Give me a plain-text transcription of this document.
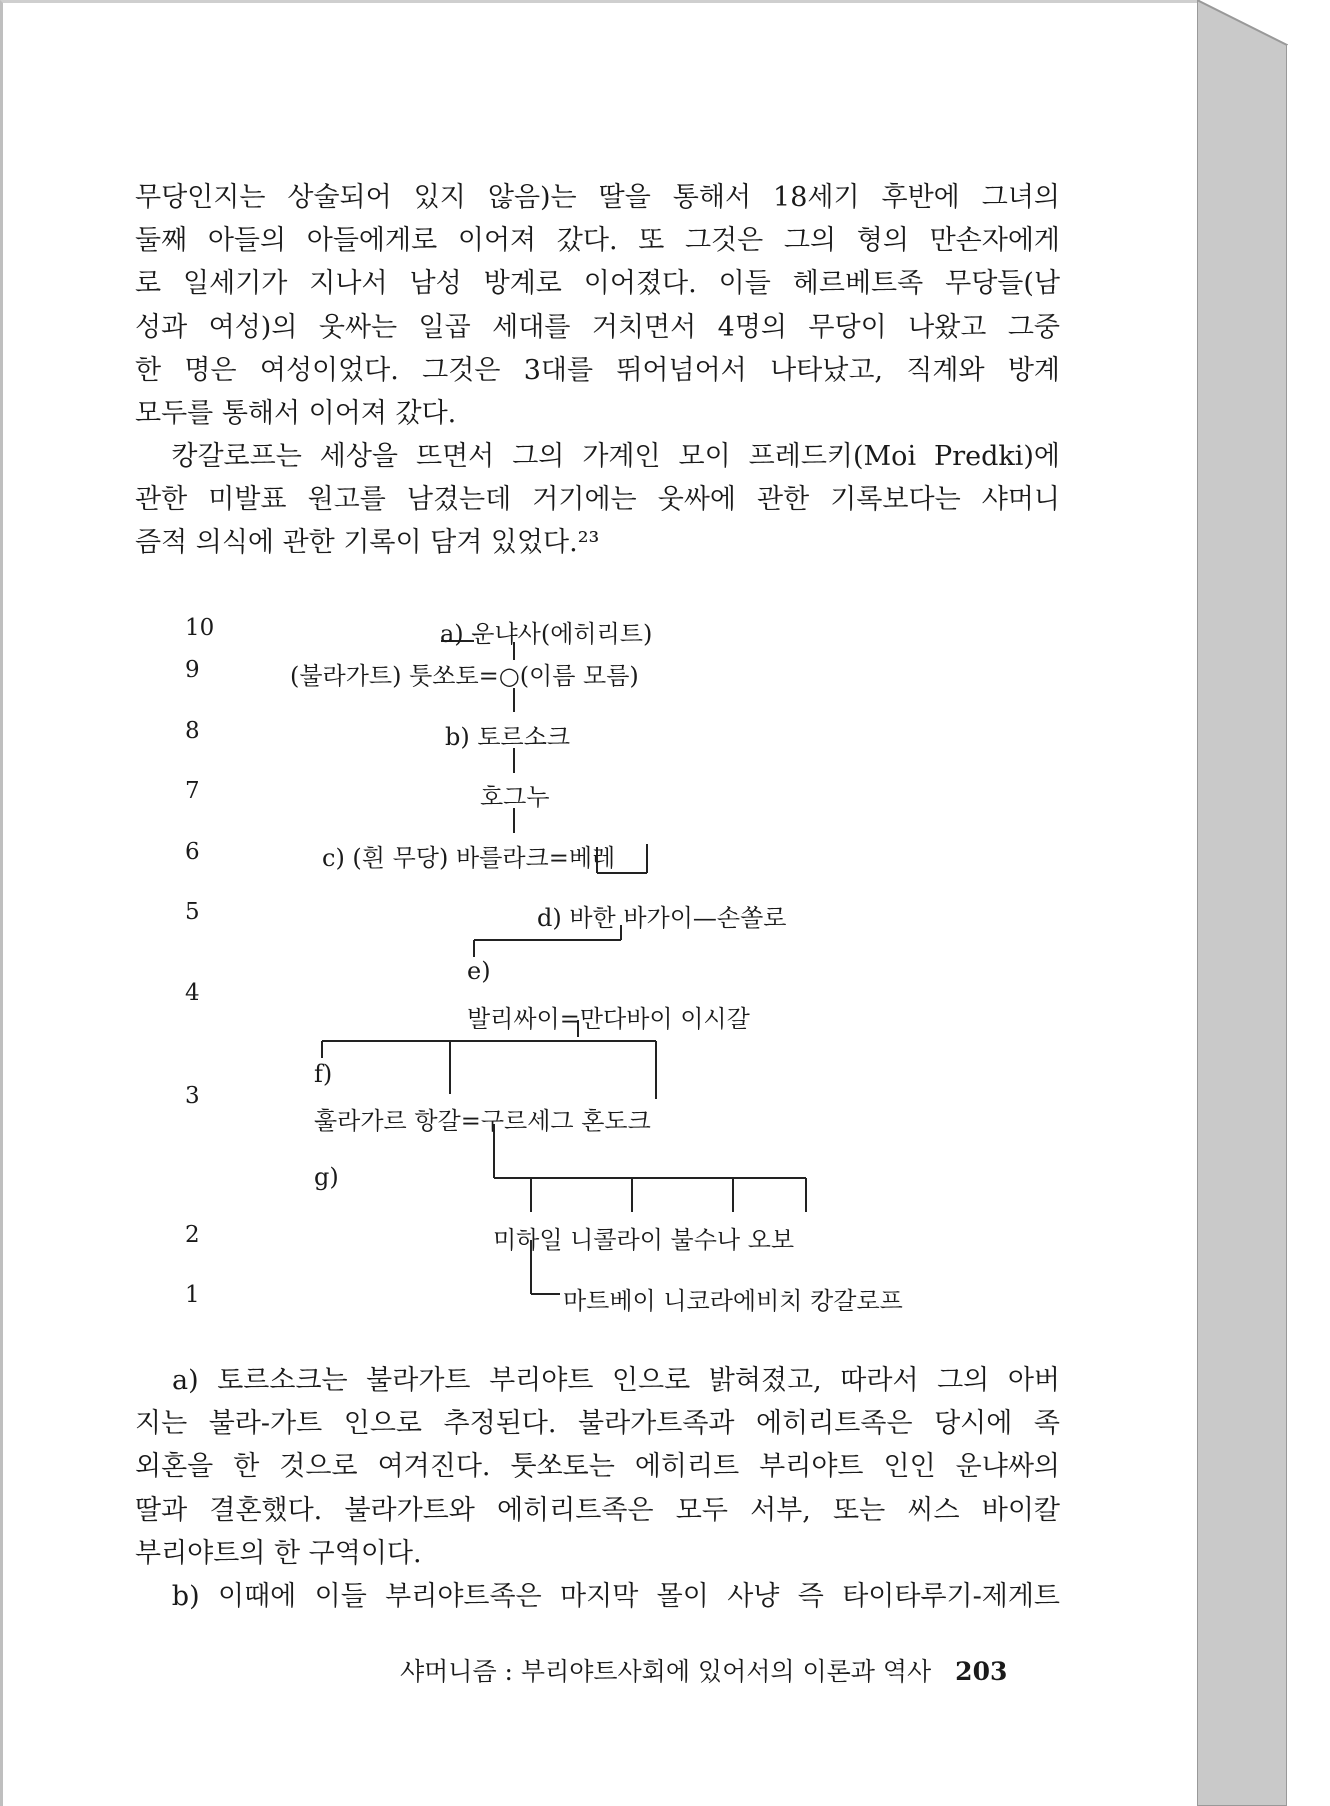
무당인지는 상술되어 있지 않음)는 딸을 통해서 18세기 후반에 그녀의
둘째 아들의 아들에게로 이어져 갔다. 또 그것은 그의 형의 만손자에게
로 일세기가 지나서 남성 방계로 이어졌다. 이들 헤르베트족 무당들(남
성과 여성)의 웃싸는 일곱 세대를 거치면서 4명의 무당이 나왔고 그중
한 명은 여성이었다. 그것은 3대를 뛰어넘어서 나타났고, 직계와 방계
모두를 통해서 이어져 갔다.
　캉갈로프는 세상을 뜨면서 그의 가계인 모이 프레드키(Moi Predki)에
관한 미발표 원고를 남겼는데 거기에는 웃싸에 관한 기록보다는 샤머니
즘적 의식에 관한 기록이 담겨 있었다.²³
10
9
8
7
6
5
4
3
2
1
a) 운냐사(에히리트)
(불라가트) 툿쏘토=○(이름 모름)
b) 토르소크
호그누
c) (흰 무당) 바를라크=베레
d) 바한 바가이—손쏠로
e)
발리싸이=만다바이 이시갈
f)
훌라가르 항갈=구르세그 혼도크
g)
미하일 니콜라이 불수나 오보
마트베이 니코라에비치 캉갈로프
　a) 토르소크는 불라가트 부리야트 인으로 밝혀졌고, 따라서 그의 아버
지는 불라-가트 인으로 추정된다. 불라가트족과 에히리트족은 당시에 족
외혼을 한 것으로 여겨진다. 툿쏘토는 에히리트 부리야트 인인 운냐싸의
딸과 결혼했다. 불라가트와 에히리트족은 모두 서부, 또는 씨스 바이칼
부리야트의 한 구역이다.
　b) 이때에 이들 부리야트족은 마지막 몰이 사냥 즉 타이타루기-제게트
샤머니즘 : 부리야트사회에 있어서의 이론과 역사 203
